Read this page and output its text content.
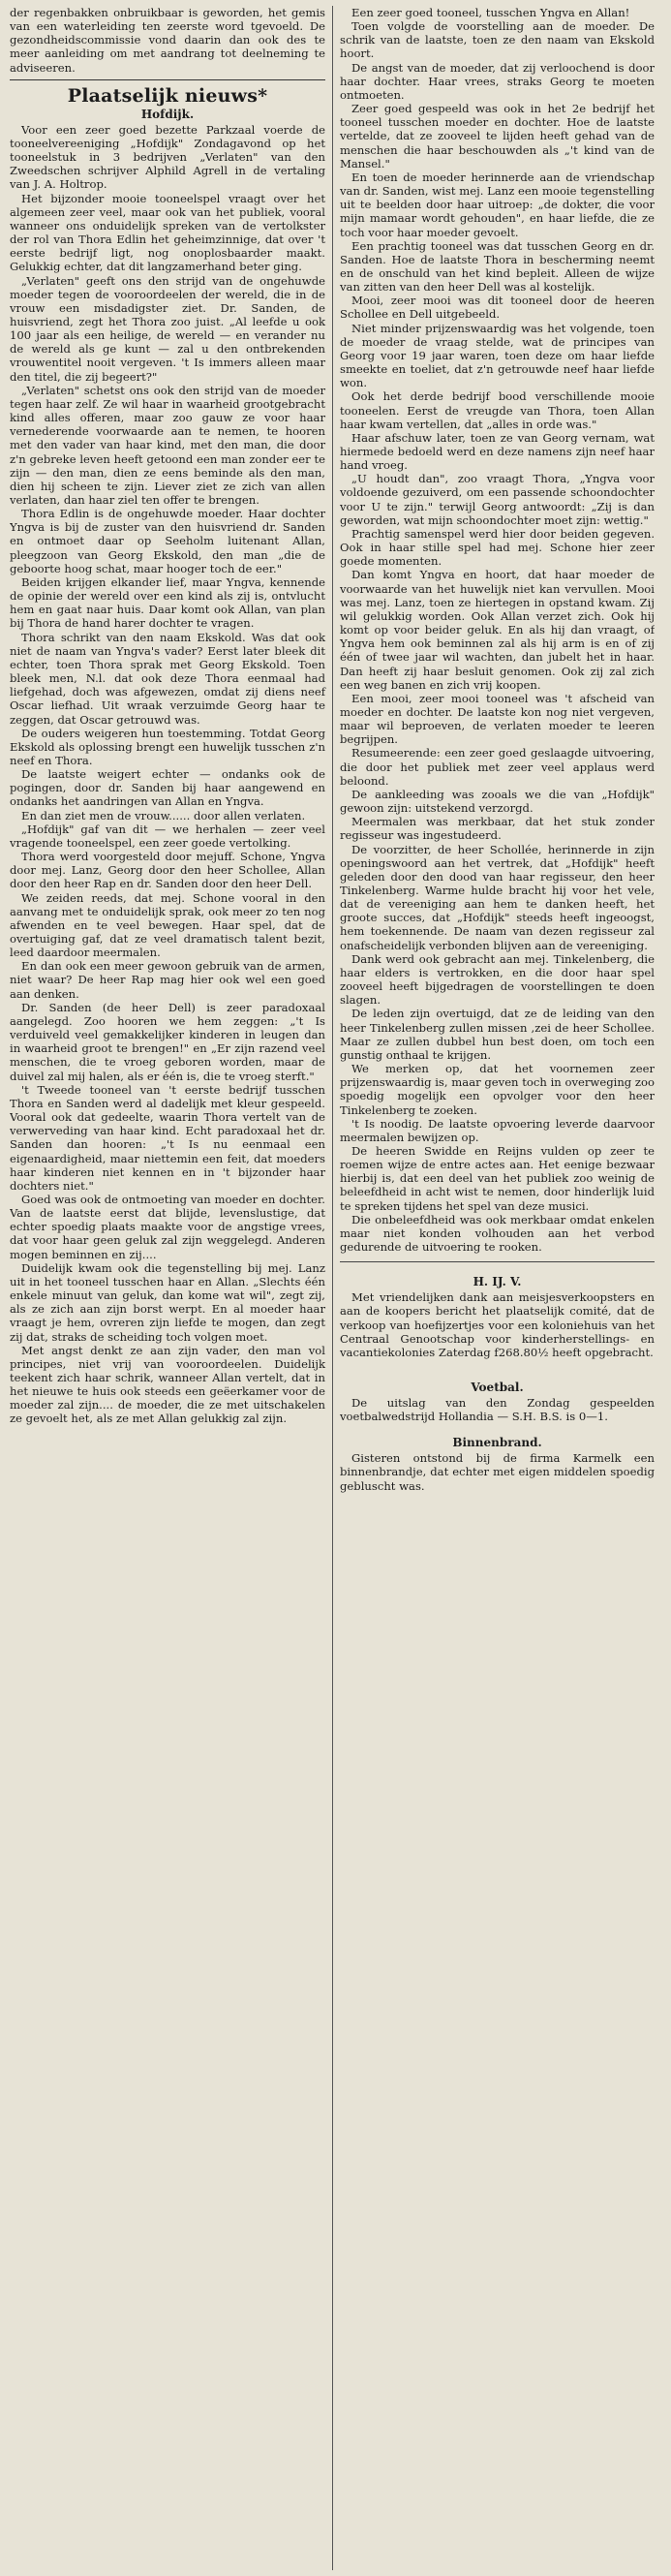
der regenbakken onbruikbaar is geworden, het gemis van een waterleiding ten zeerste word tgevoeld. De gezondheidscommissie vond daarin dan ook des te meer aanleiding om met aandrang tot deelneming te adviseeren.

Plaatselijk nieuws*
Hofdijk.

Voor een zeer goed bezette Parkzaal voerde de tooneelvereeniging „Hofdijk" Zondagavond op het tooneelstuk in 3 bedrijven „Verlaten" van den Zweedschen schrijver Alphild Agrell in de vertaling van J. A. Holtrop.

Het bijzonder mooie tooneelspel vraagt over het algemeen zeer veel, maar ook van het publiek, vooral wanneer ons onduidelijk spreken van de vertolkster der rol van Thora Edlin het geheimzinnige, dat over 't eerste bedrijf ligt, nog onoplosbaarder maakt. Gelukkig echter, dat dit langzamerhand beter ging.

„Verlaten" geeft ons den strijd van de ongehuwde moeder tegen de vooroordeelen der wereld, die in de vrouw een misdadigster ziet. Dr. Sanden, de huisvriend, zegt het Thora zoo juist. „Al leefde u ook 100 jaar als een heilige, de wereld — en verander nu de wereld als ge kunt — zal u den ontbrekenden vrouwentitel nooit vergeven. 't Is immers alleen maar den titel, die zij begeert?"

„Verlaten" schetst ons ook den strijd van de moeder tegen haar zelf. Ze wil haar in waarheid grootgebracht kind alles offeren, maar zoo gauw ze voor haar vernederende voorwaarde aan te nemen, te hooren met den vader van haar kind, met den man, die door z'n gebreke leven heeft getoond een man zonder eer te zijn — den man, dien ze eens beminde als den man, dien hij scheen te zijn. Liever ziet ze zich van allen verlaten, dan haar ziel ten offer te brengen.

Thora Edlin is de ongehuwde moeder. Haar dochter Yngva is bij de zuster van den huisvriend dr. Sanden en ontmoet daar op Seeholm luitenant Allan, pleegzoon van Georg Ekskold, den man „die de geboorte hoog schat, maar hooger toch de eer."

Beiden krijgen elkander lief, maar Yngva, kennende de opinie der wereld over een kind als zij is, ontvlucht hem en gaat naar huis. Daar komt ook Allan, van plan bij Thora de hand harer dochter te vragen.

Thora schrikt van den naam Ekskold. Was dat ook niet de naam van Yngva's vader? Eerst later bleek dit echter, toen Thora sprak met Georg Ekskold. Toen bleek men, N.l. dat ook deze Thora eenmaal had liefgehad, doch was afgewezen, omdat zij diens neef Oscar liefhad. Uit wraak verzuimde Georg haar te zeggen, dat Oscar getrouwd was.

De ouders weigeren hun toestemming. Totdat Georg Ekskold als oplossing brengt een huwelijk tusschen z'n neef en Thora.

De laatste weigert echter — ondanks ook de pogingen, door dr. Sanden bij haar aangewend en ondanks het aandringen van Allan en Yngva.

En dan ziet men de vrouw...... door allen verlaten.

„Hofdijk" gaf van dit — we herhalen — zeer veel vragende tooneelspel, een zeer goede vertolking.

Thora werd voorgesteld door mejuff. Schone, Yngva door mej. Lanz, Georg door den heer Schollee, Allan door den heer Rap en dr. Sanden door den heer Dell.

We zeiden reeds, dat mej. Schone vooral in den aanvang met te onduidelijk sprak, ook meer zo ten nog afwenden en te veel bewegen. Haar spel, dat de overtuiging gaf, dat ze veel dramatisch talent bezit, leed daardoor meermalen.

En dan ook een meer gewoon gebruik van de armen, niet waar? De heer Rap mag hier ook wel een goed aan denken.

Dr. Sanden (de heer Dell) is zeer paradoxaal aangelegd. Zoo hooren we hem zeggen: „'t Is verduiveld veel gemakkelijker kinderen in leugen dan in waarheid groot te brengen!" en „Er zijn razend veel menschen, die te vroeg geboren worden, maar de duivel zal mij halen, als er één is, die te vroeg sterft."

't Tweede tooneel van 't eerste bedrijf tusschen Thora en Sanden werd al dadelijk met kleur gespeeld. Vooral ook dat gedeelte, waarin Thora vertelt van de verwerveding van haar kind. Echt paradoxaal het dr. Sanden dan hooren: „'t Is nu eenmaal een eigenaardigheid, maar niettemin een feit, dat moeders haar kinderen niet kennen en in 't bijzonder haar dochters niet."

Goed was ook de ontmoeting van moeder en dochter. Van de laatste eerst dat blijde, levenslustige, dat echter spoedig plaats maakte voor de angstige vrees, dat voor haar geen geluk zal zijn weggelegd. Anderen mogen beminnen en zij....

Duidelijk kwam ook die tegenstelling bij mej. Lanz uit in het tooneel tusschen haar en Allan. „Slechts één enkele minuut van geluk, dan kome wat wil", zegt zij, als ze zich aan zijn borst werpt. En al moeder haar vraagt je hem, ovreren zijn liefde te mogen, dan zegt zij dat, straks de scheiding toch volgen moet.

Met angst denkt ze aan zijn vader, den man vol principes, niet vrij van vooroordeelen. Duidelijk teekent zich haar schrik, wanneer Allan vertelt, dat in het nieuwe te huis ook steeds een geëerkamer voor de moeder zal zijn.... de moeder, die ze met uitschakelen ze gevoelt het, als ze met Allan gelukkig zal zijn.

Een zeer goed tooneel, tusschen Yngva en Allan!

Toen volgde de voorstelling aan de moeder. De schrik van de laatste, toen ze den naam van Ekskold hoort.

De angst van de moeder, dat zij verloochend is door haar dochter. Haar vrees, straks Georg te moeten ontmoeten.

Zeer goed gespeeld was ook in het 2e bedrijf het tooneel tusschen moeder en dochter. Hoe de laatste vertelde, dat ze zooveel te lijden heeft gehad van de menschen die haar beschouwden als „'t kind van de Mansel."

En toen de moeder herinnerde aan de vriendschap van dr. Sanden, wist mej. Lanz een mooie tegenstelling uit te beelden door haar uitroep: „de dokter, die voor mijn mamaar wordt gehouden", en haar liefde, die ze toch voor haar moeder gevoelt.

Een prachtig tooneel was dat tusschen Georg en dr. Sanden. Hoe de laatste Thora in bescherming neemt en de onschuld van het kind bepleit. Alleen de wijze van zitten van den heer Dell was al kostelijk.

Mooi, zeer mooi was dit tooneel door de heeren Schollee en Dell uitgebeeld.

Niet minder prijzenswaardig was het volgende, toen de moeder de vraag stelde, wat de principes van Georg voor 19 jaar waren, toen deze om haar liefde smeekte en toeliet, dat z'n getrouwde neef haar liefde won.

Ook het derde bedrijf bood verschillende mooie tooneelen. Eerst de vreugde van Thora, toen Allan haar kwam vertellen, dat „alles in orde was."

Haar afschuw later, toen ze van Georg vernam, wat hiermede bedoeld werd en deze namens zijn neef haar hand vroeg.

„U houdt dan", zoo vraagt Thora, „Yngva voor voldoende gezuiverd, om een passende schoondochter voor U te zijn." terwijl Georg antwoordt: „Zij is dan geworden, wat mijn schoondochter moet zijn: wettig."

Prachtig samenspel werd hier door beiden gegeven. Ook in haar stille spel had mej. Schone hier zeer goede momenten.

Dan komt Yngva en hoort, dat haar moeder de voorwaarde van het huwelijk niet kan vervullen. Mooi was mej. Lanz, toen ze hiertegen in opstand kwam. Zij wil gelukkig worden. Ook Allan verzet zich. Ook hij komt op voor beider geluk. En als hij dan vraagt, of Yngva hem ook beminnen zal als hij arm is en of zij één of twee jaar wil wachten, dan jubelt het in haar. Dan heeft zij haar besluit genomen. Ook zij zal zich een weg banen en zich vrij koopen.

Een mooi, zeer mooi tooneel was 't afscheid van moeder en dochter. De laatste kon nog niet vergeven, maar wil beproeven, de verlaten moeder te leeren begrijpen.

Resumeerende: een zeer goed geslaagde uitvoering, die door het publiek met zeer veel applaus werd beloond.

De aankleeding was zooals we die van „Hofdijk" gewoon zijn: uitstekend verzorgd.

Meermalen was merkbaar, dat het stuk zonder regisseur was ingestudeerd.

De voorzitter, de heer Schollée, herinnerde in zijn openingswoord aan het vertrek, dat „Hofdijk" heeft geleden door den dood van haar regisseur, den heer Tinkelenberg. Warme hulde bracht hij voor het vele, dat de vereeniging aan hem te danken heeft, het groote succes, dat „Hofdijk" steeds heeft ingeoogst, hem toekennende. De naam van dezen regisseur zal onafscheidelijk verbonden blijven aan de vereeniging.

Dank werd ook gebracht aan mej. Tinkelenberg, die haar elders is vertrokken, en die door haar spel zooveel heeft bijgedragen de voorstellingen te doen slagen.

De leden zijn overtuigd, dat ze de leiding van den heer Tinkelenberg zullen missen ,zei de heer Schollee. Maar ze zullen dubbel hun best doen, om toch een gunstig onthaal te krijgen.

We merken op, dat het voornemen zeer prijzenswaardig is, maar geven toch in overweging zoo spoedig mogelijk een opvolger voor den heer Tinkelenberg te zoeken.

't Is noodig. De laatste opvoering leverde daarvoor meermalen bewijzen op.

De heeren Swidde en Reijns vulden op zeer te roemen wijze de entre actes aan. Het eenige bezwaar hierbij is, dat een deel van het publiek zoo weinig de beleefdheid in acht wist te nemen, door hinderlijk luid te spreken tijdens het spel van deze musici.

Die onbeleefdheid was ook merkbaar omdat enkelen maar niet konden volhouden aan het verbod gedurende de uitvoering te rooken.

H. IJ. V.

Met vriendelijken dank aan meisjesverkoopsters en aan de koopers bericht het plaatselijk comité, dat de verkoop van hoefijzertjes voor een koloniehuis van het Centraal Genootschap voor kinderherstellings- en vacantiekolonies Zaterdag f268.80½ heeft opgebracht.

Voetbal.

De uitslag van den Zondag gespeelden voetbalwedstrijd Hollandia — S.H. B.S. is 0—1.

Binnenbrand.

Gisteren ontstond bij de firma Karmelk een binnenbrandje, dat echter met eigen middelen spoedig gebluscht was.
